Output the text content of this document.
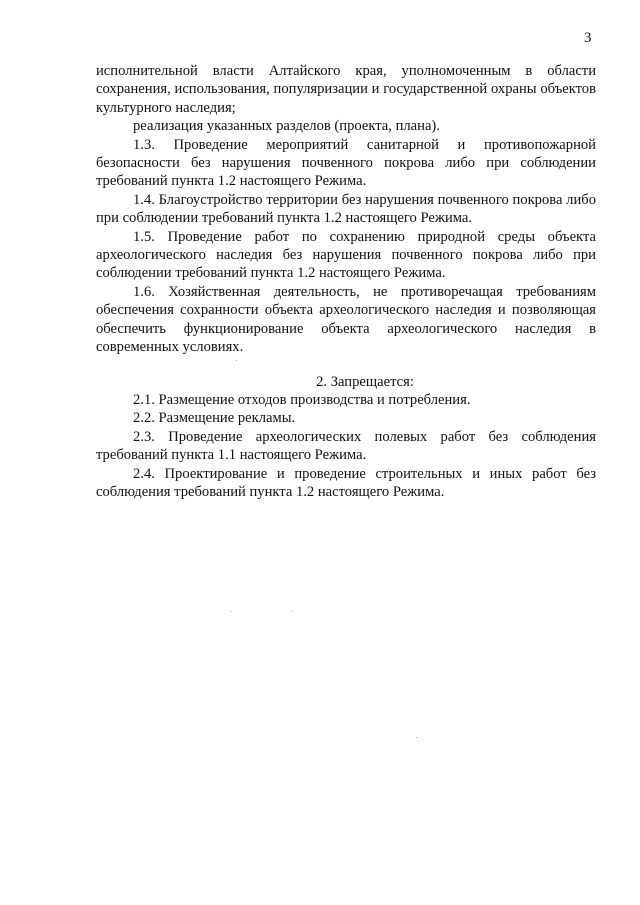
3

исполнительной власти Алтайского края, уполномоченным в области сохранения, использования, популяризации и государственной охраны объектов культурного наследия;

реализация указанных разделов (проекта, плана).

1.3. Проведение мероприятий санитарной и противопожарной безопасности без нарушения почвенного покрова либо при соблюдении требований пункта 1.2 настоящего Режима.

1.4. Благоустройство территории без нарушения почвенного покрова либо при соблюдении требований пункта 1.2 настоящего Режима.

1.5. Проведение работ по сохранению природной среды объекта археологического наследия без нарушения почвенного покрова либо при соблюдении требований пункта 1.2 настоящего Режима.

1.6. Хозяйственная деятельность, не противоречащая требованиям обеспечения сохранности объекта археологического наследия и позволяющая обеспечить функционирование объекта археологического наследия в современных условиях.

2. Запрещается:

2.1. Размещение отходов производства и потребления.

2.2. Размещение рекламы.

2.3. Проведение археологических полевых работ без соблюдения требований пункта 1.1 настоящего Режима.

2.4. Проектирование и проведение строительных и иных работ без соблюдения требований пункта 1.2 настоящего Режима.
